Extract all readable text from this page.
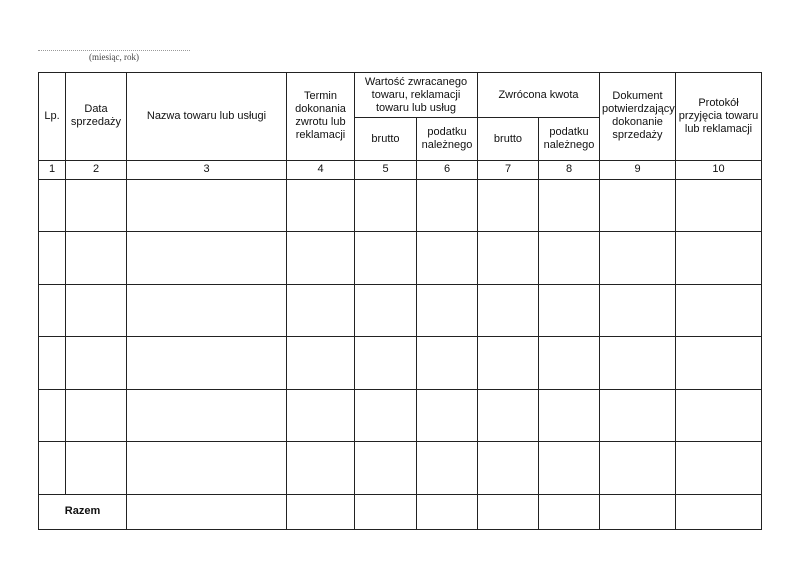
(miesiąc, rok)
Lp.	Data sprzedaży	Nazwa towaru lub usługi	Termin dokonania zwrotu lub reklamacji	Wartość zwracanego towaru, reklamacji towaru lub usług		Zwrócona kwota		Dokument potwierdzający dokonanie sprzedaży	Protokół przyjęcia towaru lub reklamacji
				brutto	podatku należnego	brutto	podatku należnego		
1	2	3	4	5	6	7	8	9	10

Razem									
